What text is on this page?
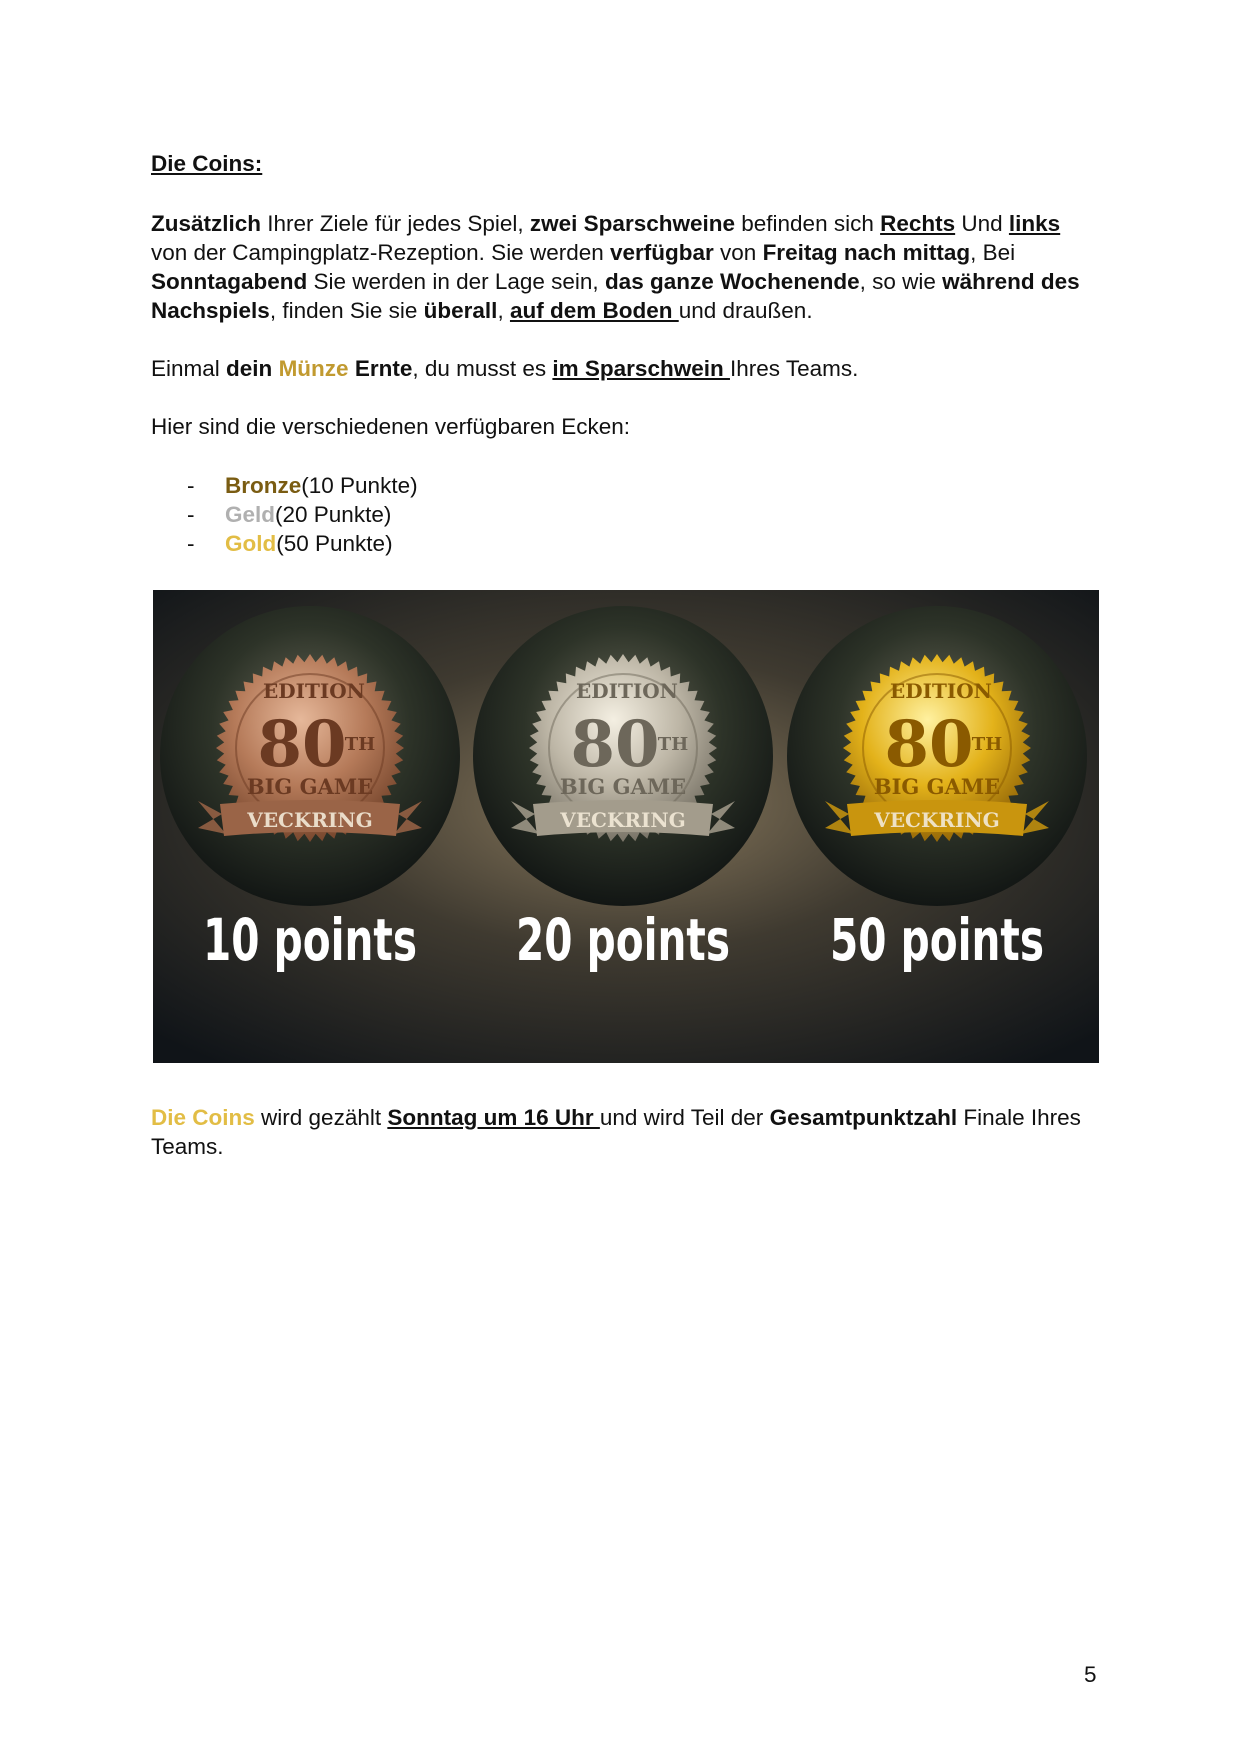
Die Coins:

Zusätzlich Ihrer Ziele für jedes Spiel, zwei Sparschweine befinden sich Rechts Und links von der Campingplatz-Rezeption. Sie werden verfügbar von Freitag nach mittag, Bei Sonntagabend Sie werden in der Lage sein, das ganze Wochenende, so wie während des Nachspiels, finden Sie sie überall, auf dem Boden und draußen.

Einmal dein Münze Ernte, du musst es im Sparschwein Ihres Teams.

Hier sind die verschiedenen verfügbaren Ecken:

- Bronze(10 Punkte)
- Geld(20 Punkte)
- Gold(50 Punkte)

Die Coins wird gezählt Sonntag um 16 Uhr und wird Teil der Gesamtpunktzahl Finale Ihres Teams.

EDITION
80
TH
BIG GAME
VECKRING
10 points
EDITION
80
TH
BIG GAME
VECKRING
20 points
EDITION
80
TH
BIG GAME
VECKRING
50 points
5
